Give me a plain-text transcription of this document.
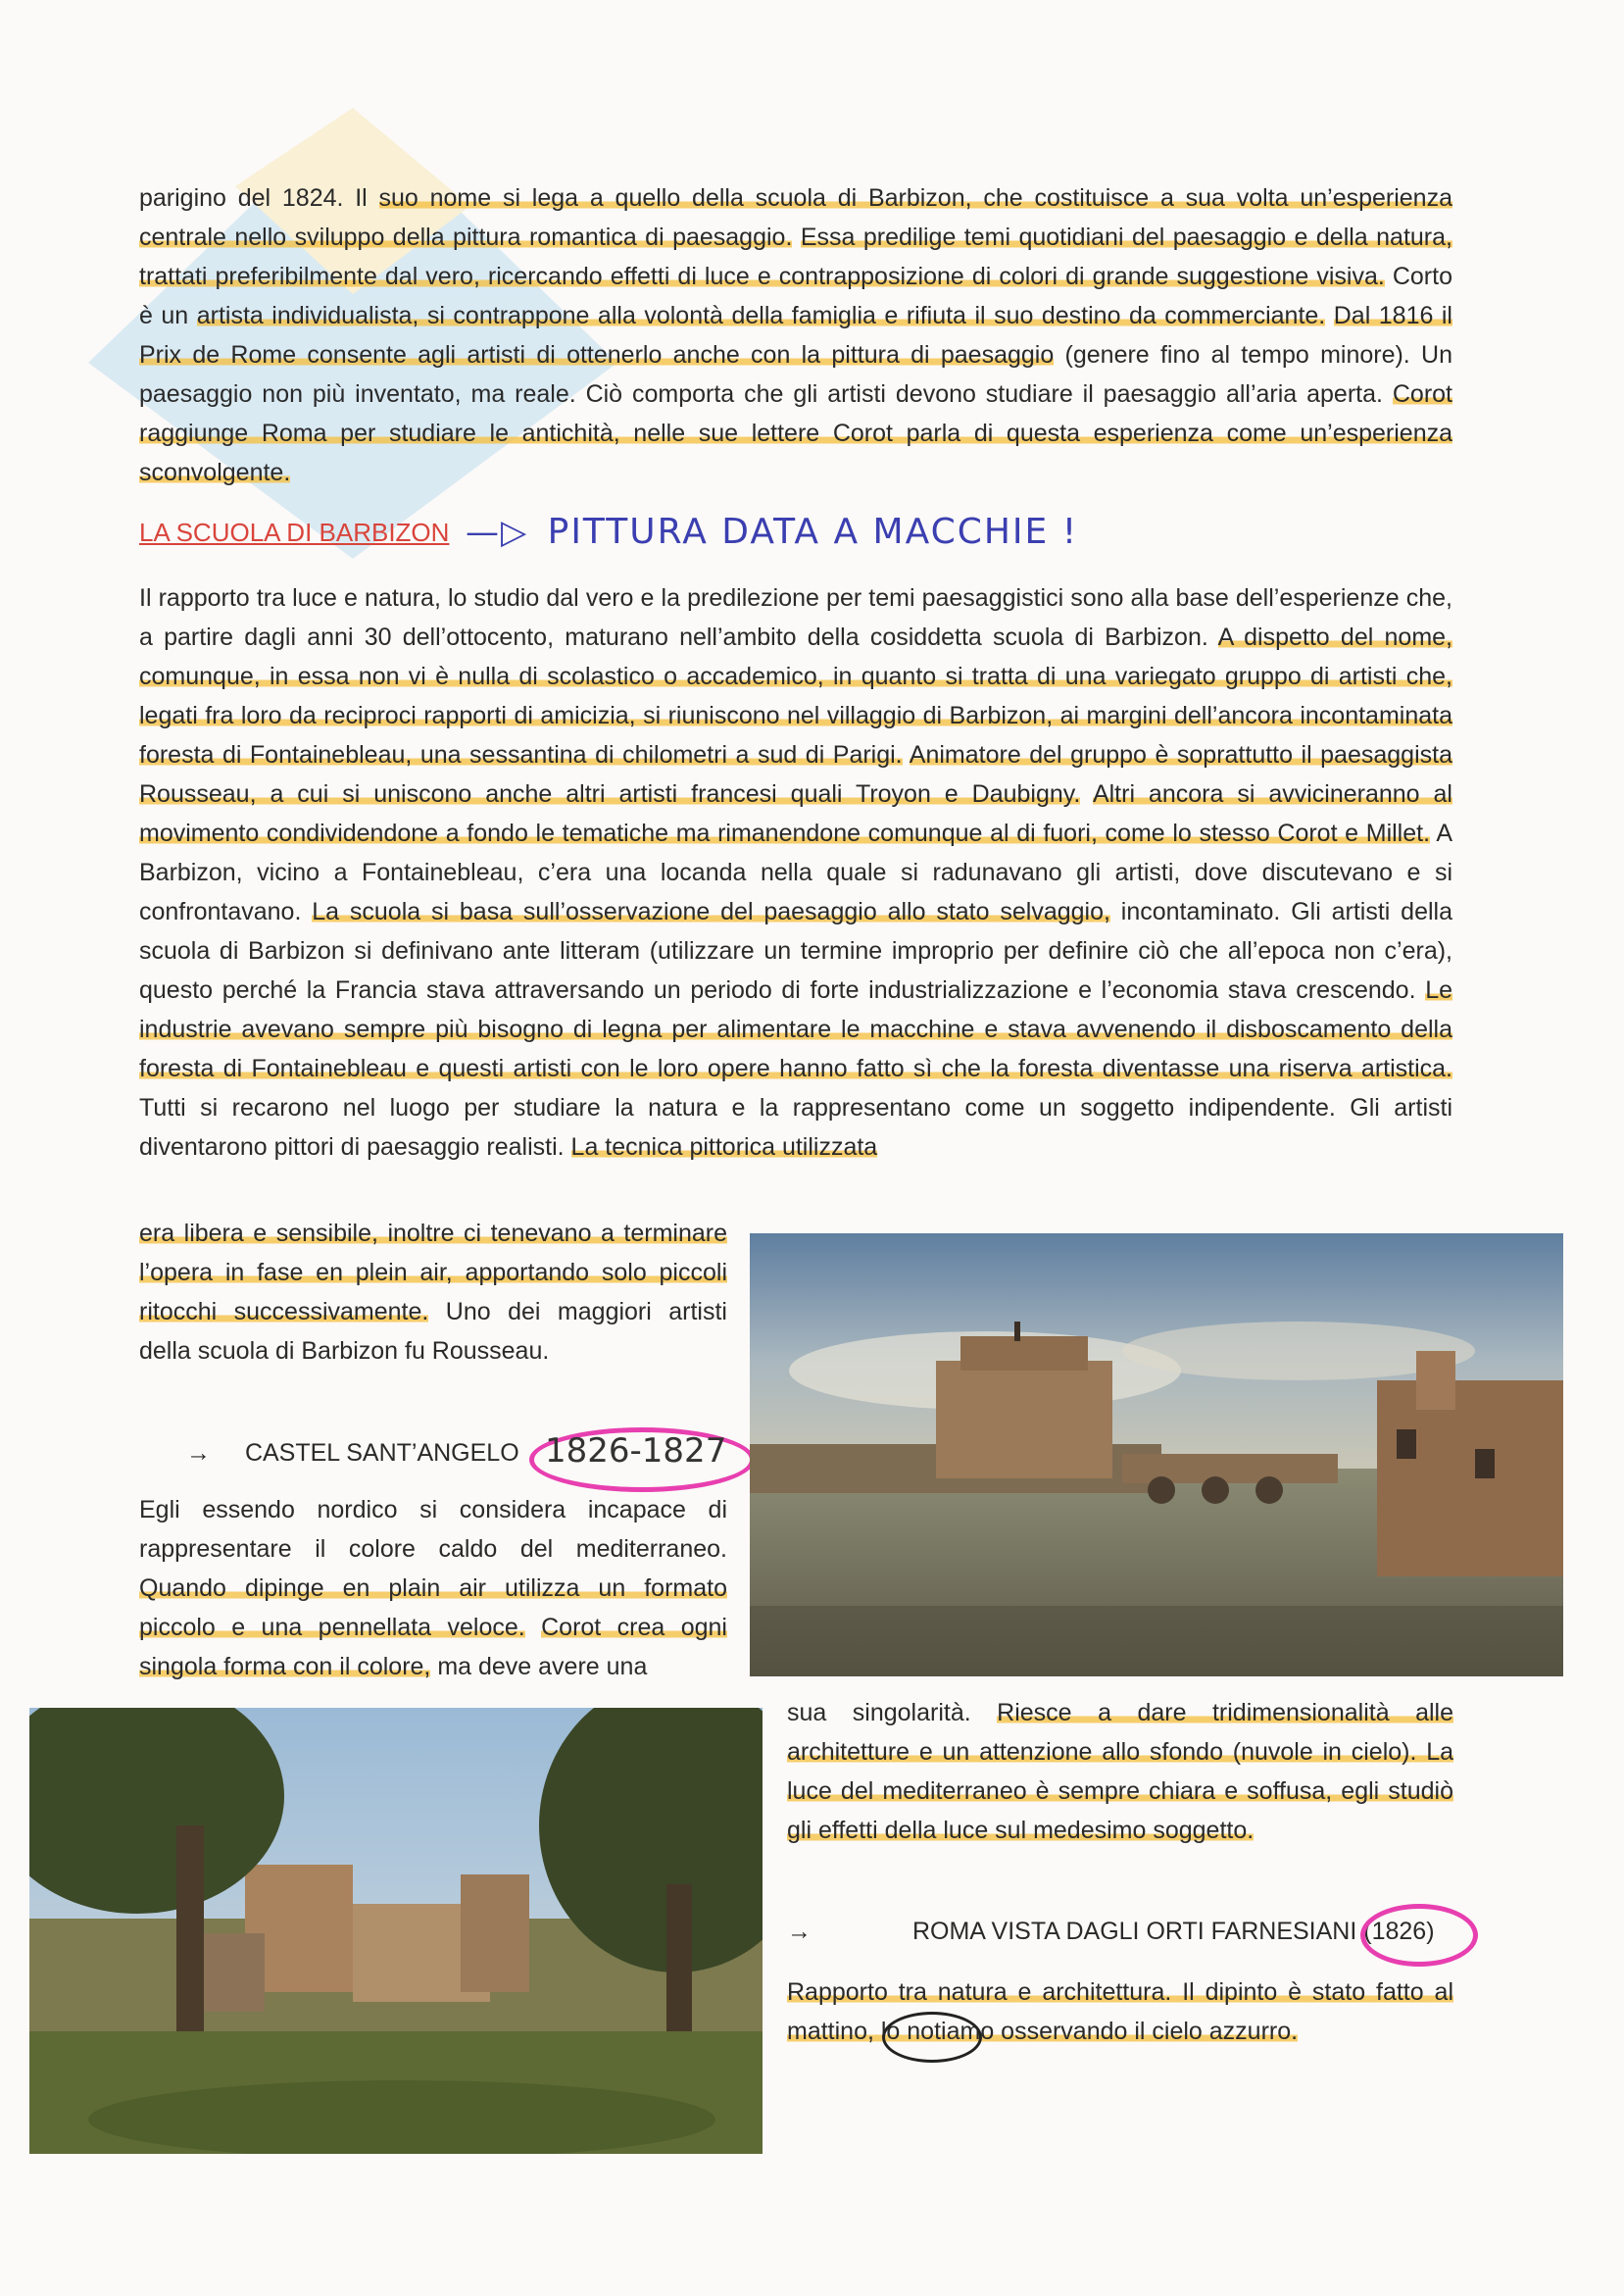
parigino del 1824. Il suo nome si lega a quello della scuola di Barbizon, che costituisce a sua volta un’esperienza centrale nello sviluppo della pittura romantica di paesaggio. Essa predilige temi quotidiani del paesaggio e della natura, trattati preferibilmente dal vero, ricercando effetti di luce e contrapposizione di colori di grande suggestione visiva. Corto è un artista individualista, si contrappone alla volontà della famiglia e rifiuta il suo destino da commerciante. Dal 1816 il Prix de Rome consente agli artisti di ottenerlo anche con la pittura di paesaggio (genere fino al tempo minore). Un paesaggio non più inventato, ma reale. Ciò comporta che gli artisti devono studiare il paesaggio all’aria aperta. Corot raggiunge Roma per studiare le antichità, nelle sue lettere Corot parla di questa esperienza come un’esperienza sconvolgente.

LA SCUOLA DI BARBIZON —▷ PITTURA DATA A MACCHIE !

Il rapporto tra luce e natura, lo studio dal vero e la predilezione per temi paesaggistici sono alla base dell’esperienze che, a partire dagli anni 30 dell’ottocento, maturano nell’ambito della cosiddetta scuola di Barbizon. A dispetto del nome, comunque, in essa non vi è nulla di scolastico o accademico, in quanto si tratta di una variegato gruppo di artisti che, legati fra loro da reciproci rapporti di amicizia, si riuniscono nel villaggio di Barbizon, ai margini dell’ancora incontaminata foresta di Fontainebleau, una sessantina di chilometri a sud di Parigi. Animatore del gruppo è soprattutto il paesaggista Rousseau, a cui si uniscono anche altri artisti francesi quali Troyon e Daubigny. Altri ancora si avvicineranno al movimento condividendone a fondo le tematiche ma rimanendone comunque al di fuori, come lo stesso Corot e Millet. A Barbizon, vicino a Fontainebleau, c’era una locanda nella quale si radunavano gli artisti, dove discutevano e si confrontavano. La scuola si basa sull’osservazione del paesaggio allo stato selvaggio, incontaminato. Gli artisti della scuola di Barbizon si definivano ante litteram (utilizzare un termine improprio per definire ciò che all’epoca non c’era), questo perché la Francia stava attraversando un periodo di forte industrializzazione e l’economia stava crescendo. Le industrie avevano sempre più bisogno di legna per alimentare le macchine e stava avvenendo il disboscamento della foresta di Fontainebleau e questi artisti con le loro opere hanno fatto sì che la foresta diventasse una riserva artistica. Tutti si recarono nel luogo per studiare la natura e la rappresentano come un soggetto indipendente. Gli artisti diventarono pittori di paesaggio realisti. La tecnica pittorica utilizzata

era libera e sensibile, inoltre ci tenevano a terminare l’opera in fase en plein air, apportando solo piccoli ritocchi successivamente. Uno dei maggiori artisti della scuola di Barbizon fu Rousseau.

→ CASTEL SANT’ANGELO 1826-1827

Egli essendo nordico si considera incapace di rappresentare il colore caldo del mediterraneo. Quando dipinge en plain air utilizza un formato piccolo e una pennellata veloce. Corot crea ogni singola forma con il colore, ma deve avere una

sua singolarità. Riesce a dare tridimensionalità alle architetture e un attenzione allo sfondo (nuvole in cielo). La luce del mediterraneo è sempre chiara e soffusa, egli studiò gli effetti della luce sul medesimo soggetto.

→	ROMA VISTA DAGLI ORTI FARNESIANI (1826)

Rapporto tra natura e architettura. Il dipinto è stato fatto al mattino, lo notiamo osservando il cielo azzurro.
